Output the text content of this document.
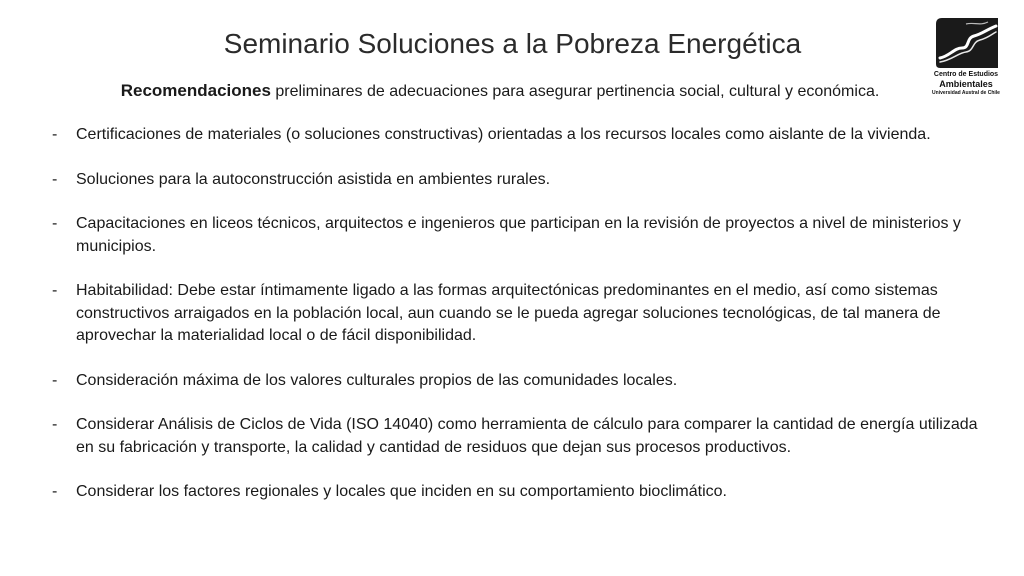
Seminario Soluciones a la Pobreza Energética
Recomendaciones preliminares de adecuaciones para asegurar pertinencia social, cultural y económica.
Centro de Estudios
Ambientales
Universidad Austral de Chile
- Certificaciones de materiales (o soluciones constructivas) orientadas a los recursos locales como aislante de la vivienda.
- Soluciones para la autoconstrucción asistida en ambientes rurales.
- Capacitaciones en liceos técnicos, arquitectos e ingenieros que participan en la revisión de proyectos a nivel de ministerios y municipios.
- Habitabilidad: Debe estar íntimamente ligado a las formas arquitectónicas predominantes en el medio, así como sistemas constructivos arraigados en la población local, aun cuando se le pueda agregar soluciones tecnológicas, de tal manera de aprovechar la materialidad local o de fácil disponibilidad.
- Consideración máxima de los valores culturales propios de las comunidades locales.
- Considerar Análisis de Ciclos de Vida (ISO 14040) como herramienta de cálculo para comparer la cantidad de energía utilizada en su fabricación y transporte, la calidad y cantidad de residuos que dejan sus procesos productivos.
- Considerar los factores regionales y locales que inciden en su comportamiento bioclimático.
